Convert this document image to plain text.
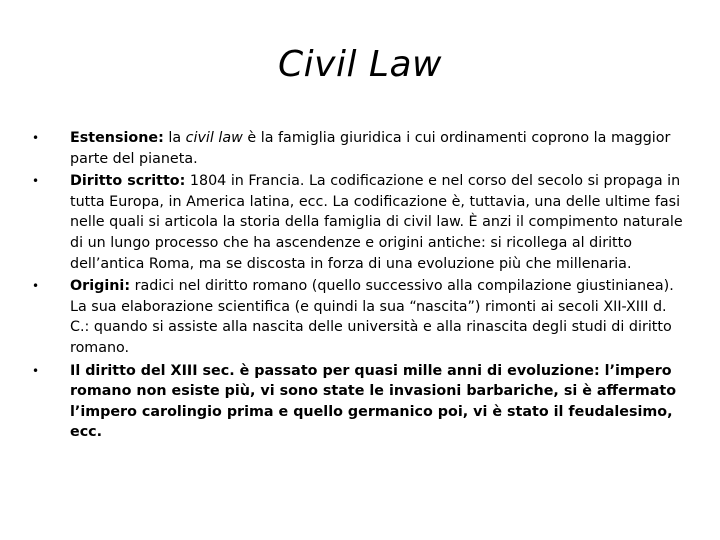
Civil Law
• Estensione: la civil law è la famiglia giuridica i cui ordinamenti coprono la maggior parte del pianeta.
• Diritto scritto: 1804 in Francia. La codificazione e nel corso del secolo si propaga in tutta Europa, in America latina, ecc. La codificazione è, tuttavia, una delle ultime fasi nelle quali si articola la storia della famiglia di civil law. È anzi il compimento naturale di un lungo processo che ha ascendenze e origini antiche: si ricollega al diritto dell’antica Roma, ma se discosta in forza di una evoluzione più che millenaria.
• Origini: radici nel diritto romano (quello successivo alla compilazione giustinianea). La sua elaborazione scientifica (e quindi la sua “nascita”) rimonti ai secoli XII-XIII d. C.: quando si assiste alla nascita delle università e alla rinascita degli studi di diritto romano.
• Il diritto del XIII sec. è passato per quasi mille anni di evoluzione: l’impero romano non esiste più, vi sono state le invasioni barbariche, si è affermato l’impero carolingio prima e quello germanico poi, vi è stato il feudalesimo, ecc.
